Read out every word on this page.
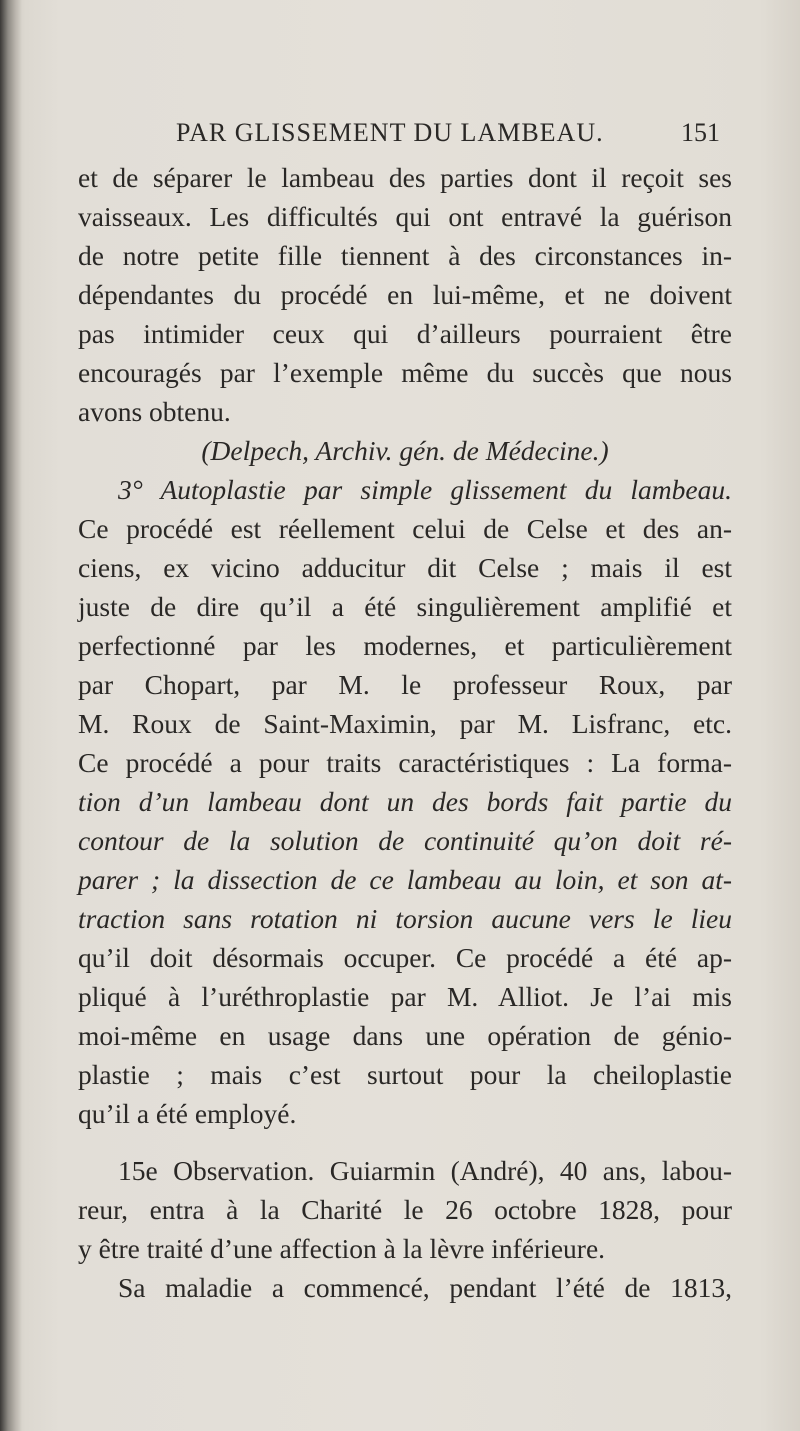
PAR GLISSEMENT DU LAMBEAU.	151
et de séparer le lambeau des parties dont il reçoit ses
vaisseaux. Les difficultés qui ont entravé la guérison
de notre petite fille tiennent à des circonstances in-
dépendantes du procédé en lui-même, et ne doivent
pas intimider ceux qui d’ailleurs pourraient être
encouragés par l’exemple même du succès que nous
avons obtenu.
(Delpech, Archiv. gén. de Médecine.)
3° Autoplastie par simple glissement du lambeau.
Ce procédé est réellement celui de Celse et des an-
ciens, ex vicino adducitur dit Celse ; mais il est
juste de dire qu’il a été singulièrement amplifié et
perfectionné par les modernes, et particulièrement
par Chopart, par M. le professeur Roux, par
M. Roux de Saint-Maximin, par M. Lisfranc, etc.
Ce procédé a pour traits caractéristiques : La forma-
tion d’un lambeau dont un des bords fait partie du
contour de la solution de continuité qu’on doit ré-
parer ; la dissection de ce lambeau au loin, et son at-
traction sans rotation ni torsion aucune vers le lieu
qu’il doit désormais occuper. Ce procédé a été ap-
pliqué à l’uréthroplastie par M. Alliot. Je l’ai mis
moi-même en usage dans une opération de génio-
plastie ; mais c’est surtout pour la cheiloplastie
qu’il a été employé.
15e Observation. Guiarmin (André), 40 ans, labou-
reur, entra à la Charité le 26 octobre 1828, pour
y être traité d’une affection à la lèvre inférieure.
Sa maladie a commencé, pendant l’été de 1813,
